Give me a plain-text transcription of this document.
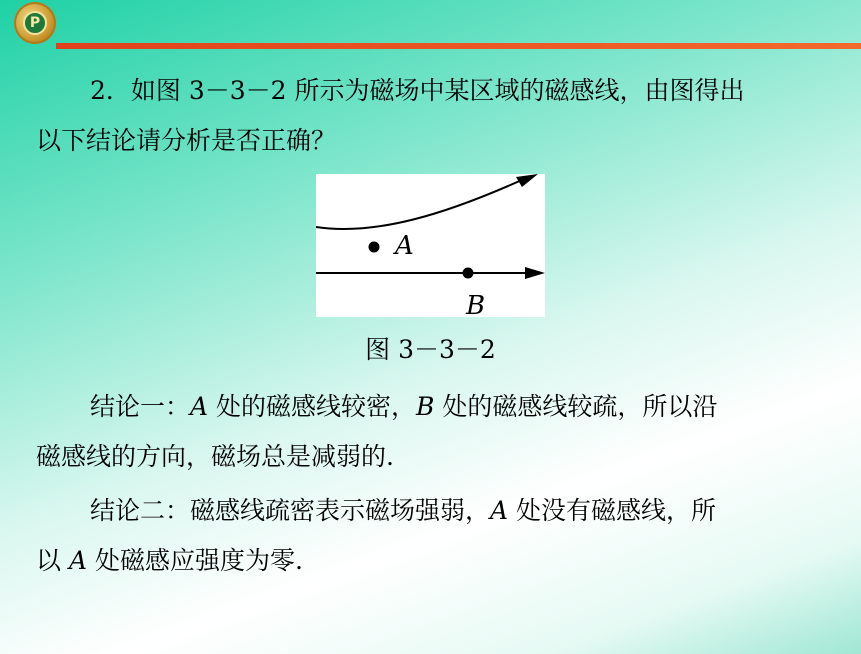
P
2．如图 3－3－2 所示为磁场中某区域的磁感线，由图得出
以下结论请分析是否正确？
A
B
图 3－3－2
结论一：A 处的磁感线较密，B 处的磁感线较疏，所以沿
磁感线的方向，磁场总是减弱的.
结论二：磁感线疏密表示磁场强弱，A 处没有磁感线，所
以 A 处磁感应强度为零.
